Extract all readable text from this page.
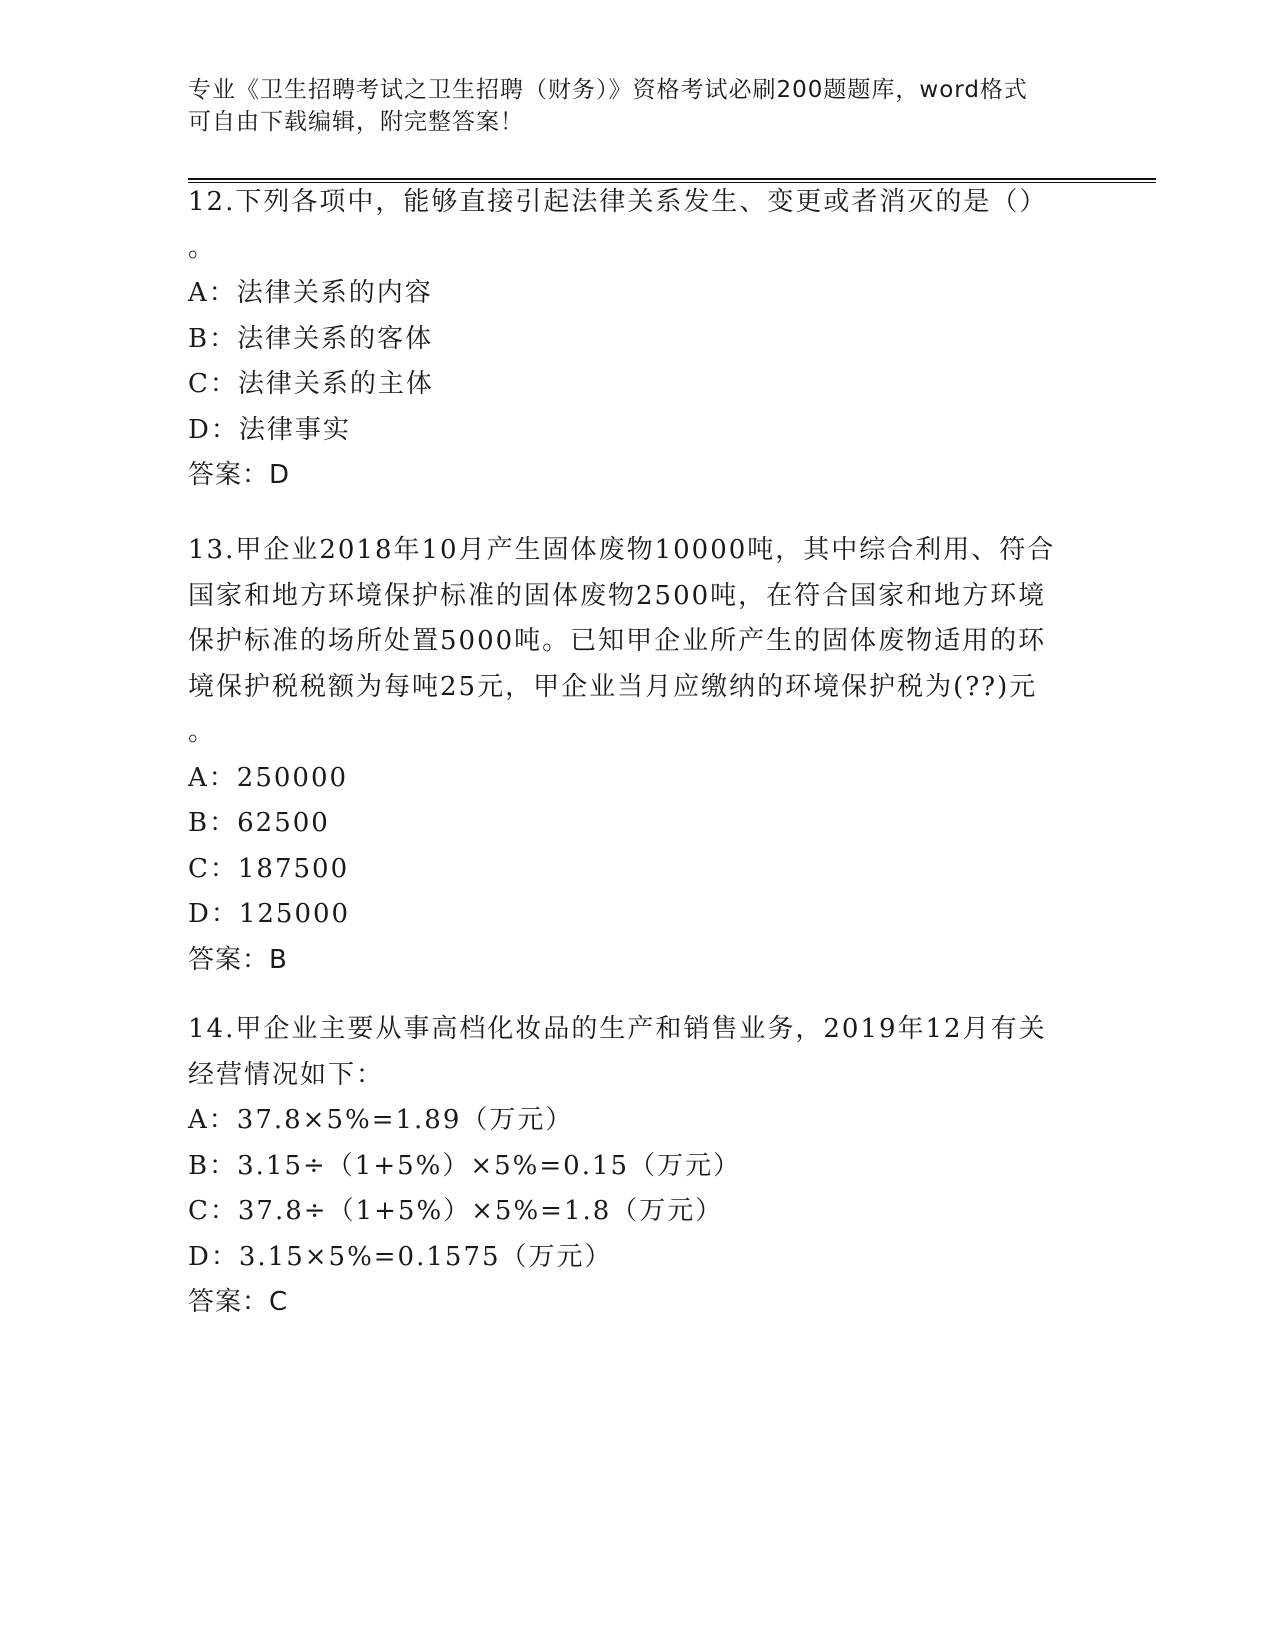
专业《卫生招聘考试之卫生招聘（财务）》资格考试必刷200题题库，word格式
可自由下载编辑，附完整答案！

12.下列各项中，能够直接引起法律关系发生、变更或者消灭的是（）

。

A：法律关系的内容

B：法律关系的客体

C：法律关系的主体

D：法律事实

答案：D

13.甲企业2018年10月产生固体废物10000吨，其中综合利用、符合

国家和地方环境保护标准的固体废物2500吨，在符合国家和地方环境

保护标准的场所处置5000吨。已知甲企业所产生的固体废物适用的环

境保护税税额为每吨25元，甲企业当月应缴纳的环境保护税为(??)元

。

A：250000

B：62500

C：187500

D：125000

答案：B

14.甲企业主要从事高档化妆品的生产和销售业务，2019年12月有关

经营情况如下：

A：37.8×5%=1.89（万元）

B：3.15÷（1+5%）×5%=0.15（万元）

C：37.8÷（1+5%）×5%=1.8（万元）

D：3.15×5%=0.1575（万元）

答案：C
